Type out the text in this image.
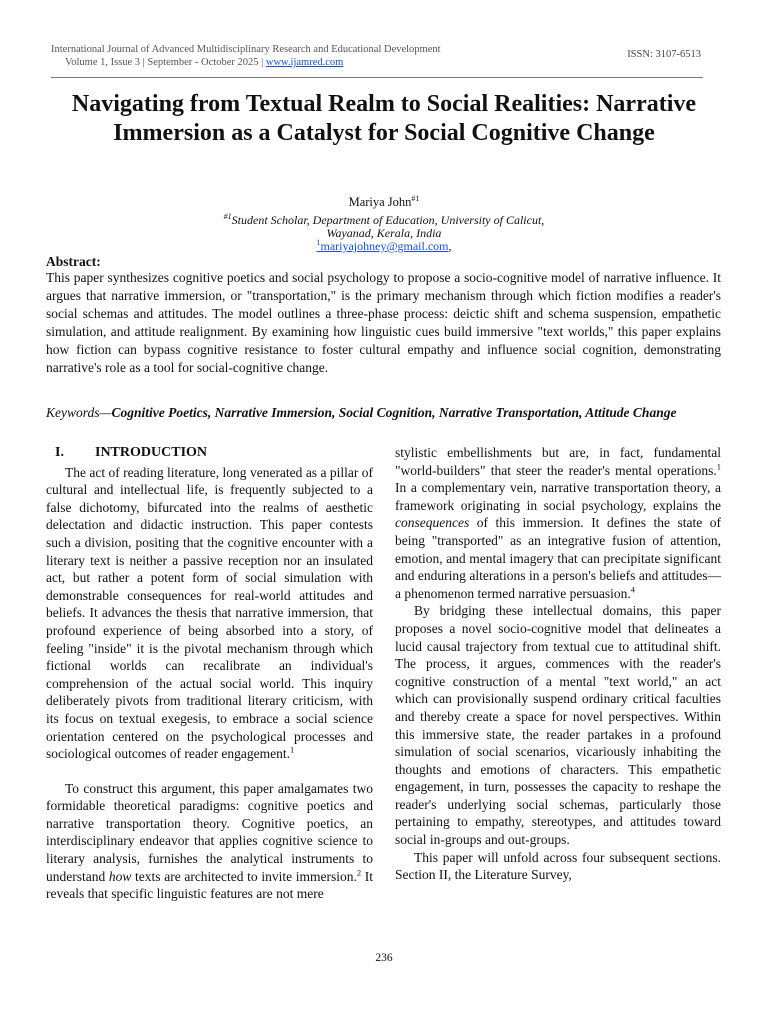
International Journal of Advanced Multidisciplinary Research and Educational Development
Volume 1, Issue 3 | September - October 2025 | www.ijamred.com
ISSN: 3107-6513
Navigating from Textual Realm to Social Realities: Narrative Immersion as a Catalyst for Social Cognitive Change
Mariya John$^{\#1}$
$^{\#1}$Student Scholar, Department of Education, University of Calicut,
Wayanad, Kerala, India
$^1$mariyajohney@gmail.com,
Abstract:

This paper synthesizes cognitive poetics and social psychology to propose a socio-cognitive model of narrative influence. It argues that narrative immersion, or "transportation," is the primary mechanism through which fiction modifies a reader's social schemas and attitudes. The model outlines a three-phase process: deictic shift and schema suspension, empathetic simulation, and attitude realignment. By examining how linguistic cues build immersive "text worlds," this paper explains how fiction can bypass cognitive resistance to foster cultural empathy and influence social cognition, demonstrating narrative's role as a tool for social-cognitive change.

Keywords—Cognitive Poetics, Narrative Immersion, Social Cognition, Narrative Transportation, Attitude Change

I. INTRODUCTION

The act of reading literature, long venerated as a pillar of cultural and intellectual life, is frequently subjected to a false dichotomy, bifurcated into the realms of aesthetic delectation and didactic instruction. This paper contests such a division, positing that the cognitive encounter with a literary text is neither a passive reception nor an insulated act, but rather a potent form of social simulation with demonstrable consequences for real-world attitudes and beliefs. It advances the thesis that narrative immersion, that profound experience of being absorbed into a story, of feeling "inside" it is the pivotal mechanism through which fictional worlds can recalibrate an individual's comprehension of the actual social world. This inquiry deliberately pivots from traditional literary criticism, with its focus on textual exegesis, to embrace a social science orientation centered on the psychological processes and sociological outcomes of reader engagement.$^1$

To construct this argument, this paper amalgamates two formidable theoretical paradigms: cognitive poetics and narrative transportation theory. Cognitive poetics, an interdisciplinary endeavor that applies cognitive science to literary analysis, furnishes the analytical instruments to understand how texts are architected to invite immersion.$^2$ It reveals that specific linguistic features are not mere

stylistic embellishments but are, in fact, fundamental "world-builders" that steer the reader's mental operations.$^1$ In a complementary vein, narrative transportation theory, a framework originating in social psychology, explains the consequences of this immersion. It defines the state of being "transported" as an integrative fusion of attention, emotion, and mental imagery that can precipitate significant and enduring alterations in a person's beliefs and attitudes—a phenomenon termed narrative persuasion.$^4$

By bridging these intellectual domains, this paper proposes a novel socio-cognitive model that delineates a lucid causal trajectory from textual cue to attitudinal shift. The process, it argues, commences with the reader's cognitive construction of a mental "text world," an act which can provisionally suspend ordinary critical faculties and thereby create a space for novel perspectives. Within this immersive state, the reader partakes in a profound simulation of social scenarios, vicariously inhabiting the thoughts and emotions of characters. This empathetic engagement, in turn, possesses the capacity to reshape the reader's underlying social schemas, particularly those pertaining to empathy, stereotypes, and attitudes toward social in-groups and out-groups.

This paper will unfold across four subsequent sections. Section II, the Literature Survey,

236
